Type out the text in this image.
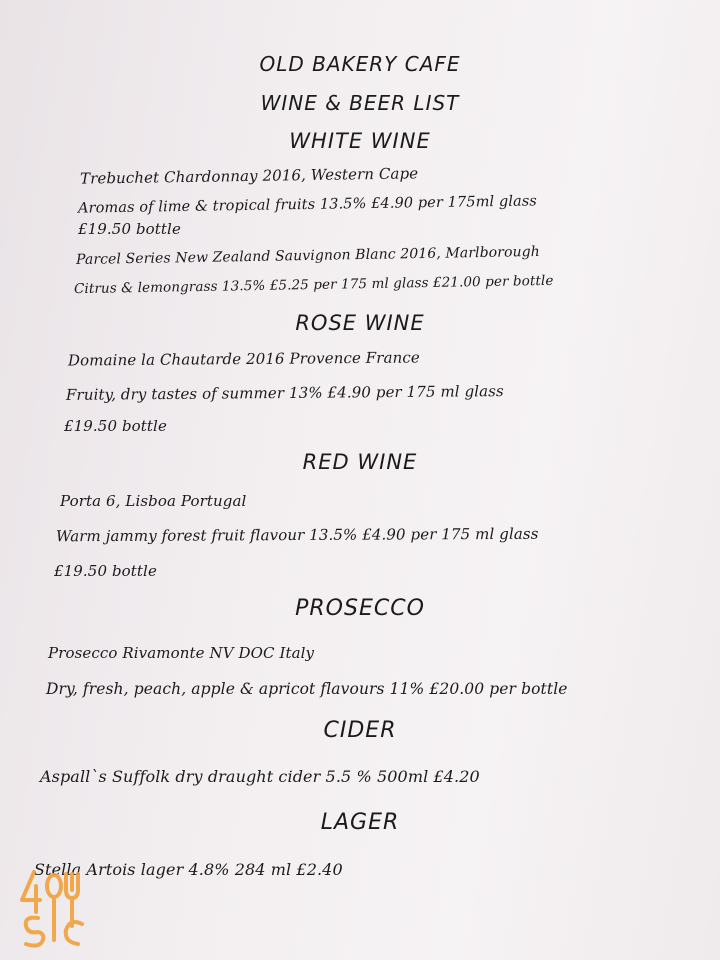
OLD BAKERY CAFE
WINE & BEER LIST
WHITE WINE

Trebuchet Chardonnay 2016, Western Cape

Aromas of lime & tropical fruits 13.5% £4.90 per 175ml glass

£19.50 bottle

Parcel Series New Zealand Sauvignon Blanc 2016, Marlborough

Citrus & lemongrass 13.5% £5.25 per 175 ml glass £21.00 per bottle

ROSE WINE

Domaine la Chautarde 2016 Provence France

Fruity, dry tastes of summer 13% £4.90 per 175 ml glass

£19.50 bottle

RED WINE

Porta 6, Lisboa Portugal

Warm jammy forest fruit flavour 13.5% £4.90 per 175 ml glass

£19.50 bottle

PROSECCO

Prosecco Rivamonte NV DOC Italy

Dry, fresh, peach, apple & apricot flavours 11% £20.00 per bottle

CIDER

Aspall`s Suffolk dry draught cider 5.5 % 500ml £4.20

LAGER

Stella Artois lager 4.8% 284 ml £2.40
